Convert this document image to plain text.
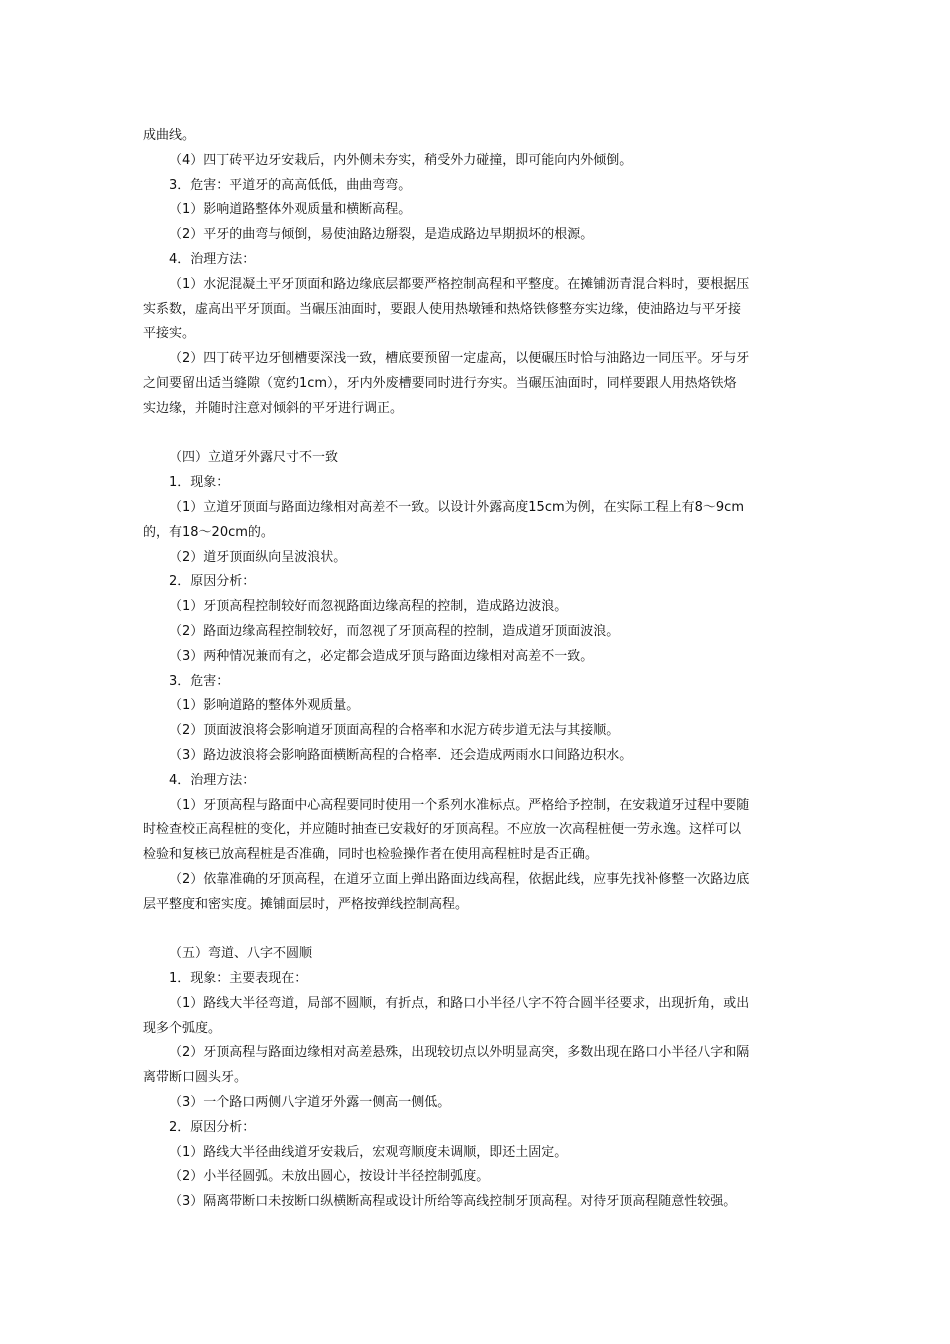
成曲线。

（4）四丁砖平边牙安栽后，内外侧未夯实，稍受外力碰撞，即可能向内外倾倒。

3．危害：平道牙的高高低低，曲曲弯弯。

（1）影响道路整体外观质量和横断高程。

（2）平牙的曲弯与倾倒，易使油路边掰裂，是造成路边早期损坏的根源。

4．治理方法：

（1）水泥混凝土平牙顶面和路边缘底层都要严格控制高程和平整度。在摊铺沥青混合料时，要根据压

实系数，虚高出平牙顶面。当碾压油面时，要跟人使用热墩锤和热烙铁修整夯实边缘，使油路边与平牙接

平接实。

（2）四丁砖平边牙刨槽要深浅一致，槽底要预留一定虚高，以便碾压时恰与油路边一同压平。牙与牙

之间要留出适当缝隙（宽约1cm），牙内外废槽要同时进行夯实。当碾压油面时，同样要跟人用热烙铁烙

实边缘，并随时注意对倾斜的平牙进行调正。

（四）立道牙外露尺寸不一致

1．现象：

（1）立道牙顶面与路面边缘相对高差不一致。以设计外露高度15cm为例，在实际工程上有8～9cm

的，有18～20cm的。

（2）道牙顶面纵向呈波浪状。

2．原因分析：

（1）牙顶高程控制较好而忽视路面边缘高程的控制，造成路边波浪。

（2）路面边缘高程控制较好，而忽视了牙顶高程的控制，造成道牙顶面波浪。

（3）两种情况兼而有之，必定都会造成牙顶与路面边缘相对高差不一致。

3．危害：

（1）影响道路的整体外观质量。

（2）顶面波浪将会影响道牙顶面高程的合格率和水泥方砖步道无法与其接顺。

（3）路边波浪将会影响路面横断高程的合格率．还会造成两雨水口间路边积水。

4．治理方法：

（1）牙顶高程与路面中心高程要同时使用一个系列水准标点。严格给予控制，在安栽道牙过程中要随

时检查校正高程桩的变化，并应随时抽查已安栽好的牙顶高程。不应放一次高程桩便一劳永逸。这样可以

检验和复核已放高程桩是否准确，同时也检验操作者在使用高程桩时是否正确。

（2）依靠准确的牙顶高程，在道牙立面上弹出路面边线高程，依据此线，应事先找补修整一次路边底

层平整度和密实度。摊铺面层时，严格按弹线控制高程。

（五）弯道、八字不圆顺

1．现象：主要表现在：

（1）路线大半径弯道，局部不圆顺，有折点，和路口小半径八字不符合圆半径要求，出现折角，或出

现多个弧度。

（2）牙顶高程与路面边缘相对高差悬殊，出现较切点以外明显高突，多数出现在路口小半径八字和隔

离带断口圆头牙。

（3）一个路口两侧八字道牙外露一侧高一侧低。

2．原因分析：

（1）路线大半径曲线道牙安栽后，宏观弯顺度未调顺，即还土固定。

（2）小半径圆弧。未放出圆心，按设计半径控制弧度。

（3）隔离带断口未按断口纵横断高程或设计所给等高线控制牙顶高程。对待牙顶高程随意性较强。
